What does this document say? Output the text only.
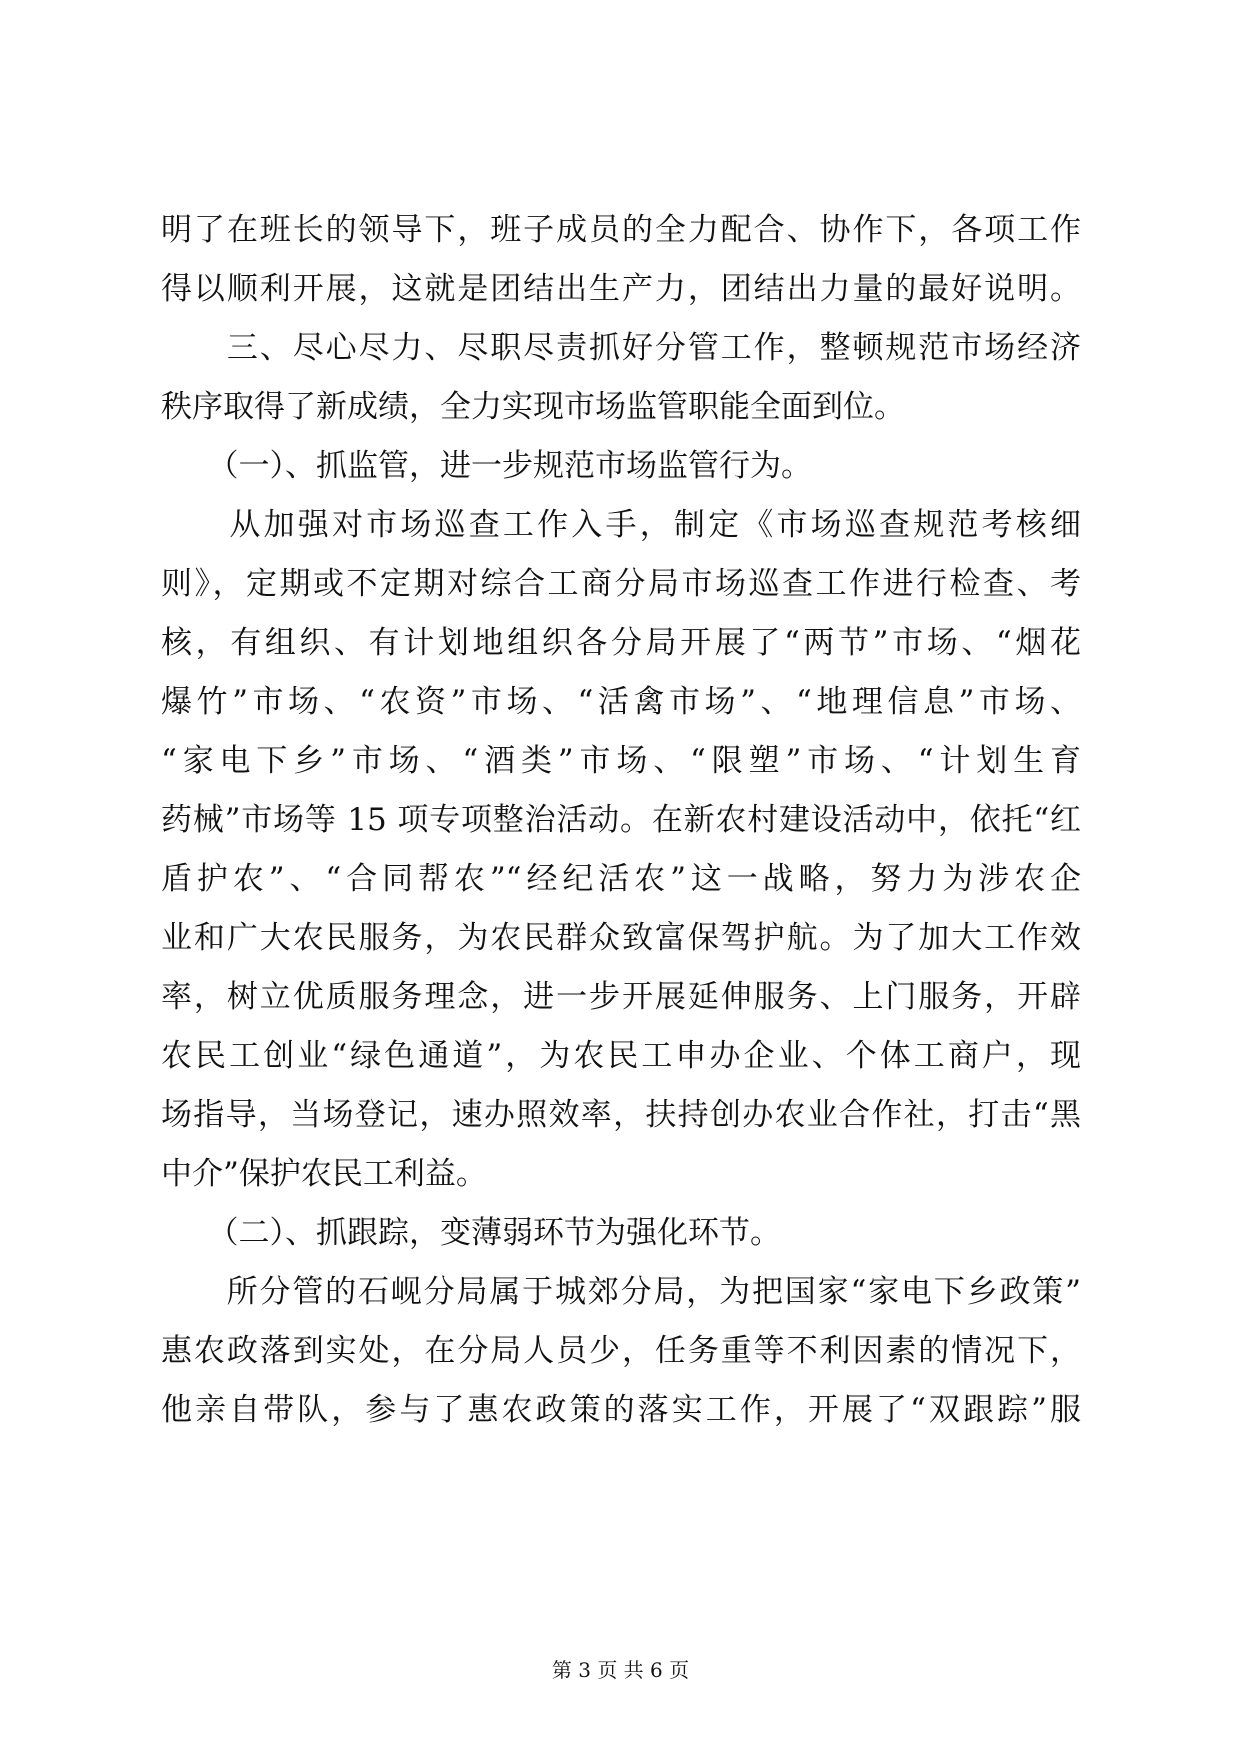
明了在班长的领导下，班子成员的全力配合、协作下，各项工作
得以顺利开展，这就是团结出生产力，团结出力量的最好说明。
　　三、尽心尽力、尽职尽责抓好分管工作，整顿规范市场经济
秩序取得了新成绩，全力实现市场监管职能全面到位。
　　（一）、抓监管，进一步规范市场监管行为。
　　从加强对市场巡查工作入手，制定《市场巡查规范考核细
则》，定期或不定期对综合工商分局市场巡查工作进行检查、考
核，有组织、有计划地组织各分局开展了“两节”市场、“烟花
爆竹”市场、“农资”市场、“活禽市场”、“地理信息”市场、
“家电下乡”市场、“酒类”市场、“限塑”市场、“计划生育
药械”市场等 15 项专项整治活动。在新农村建设活动中，依托“红
盾护农”、“合同帮农”“经纪活农”这一战略，努力为涉农企
业和广大农民服务，为农民群众致富保驾护航。为了加大工作效
率，树立优质服务理念，进一步开展延伸服务、上门服务，开辟
农民工创业“绿色通道”，为农民工申办企业、个体工商户，现
场指导，当场登记，速办照效率，扶持创办农业合作社，打击“黑
中介”保护农民工利益。
　　（二）、抓跟踪，变薄弱环节为强化环节。
　　所分管的石岘分局属于城郊分局，为把国家“家电下乡政策”
惠农政落到实处，在分局人员少，任务重等不利因素的情况下，
他亲自带队，参与了惠农政策的落实工作，开展了“双跟踪”服
第 3 页 共 6 页
